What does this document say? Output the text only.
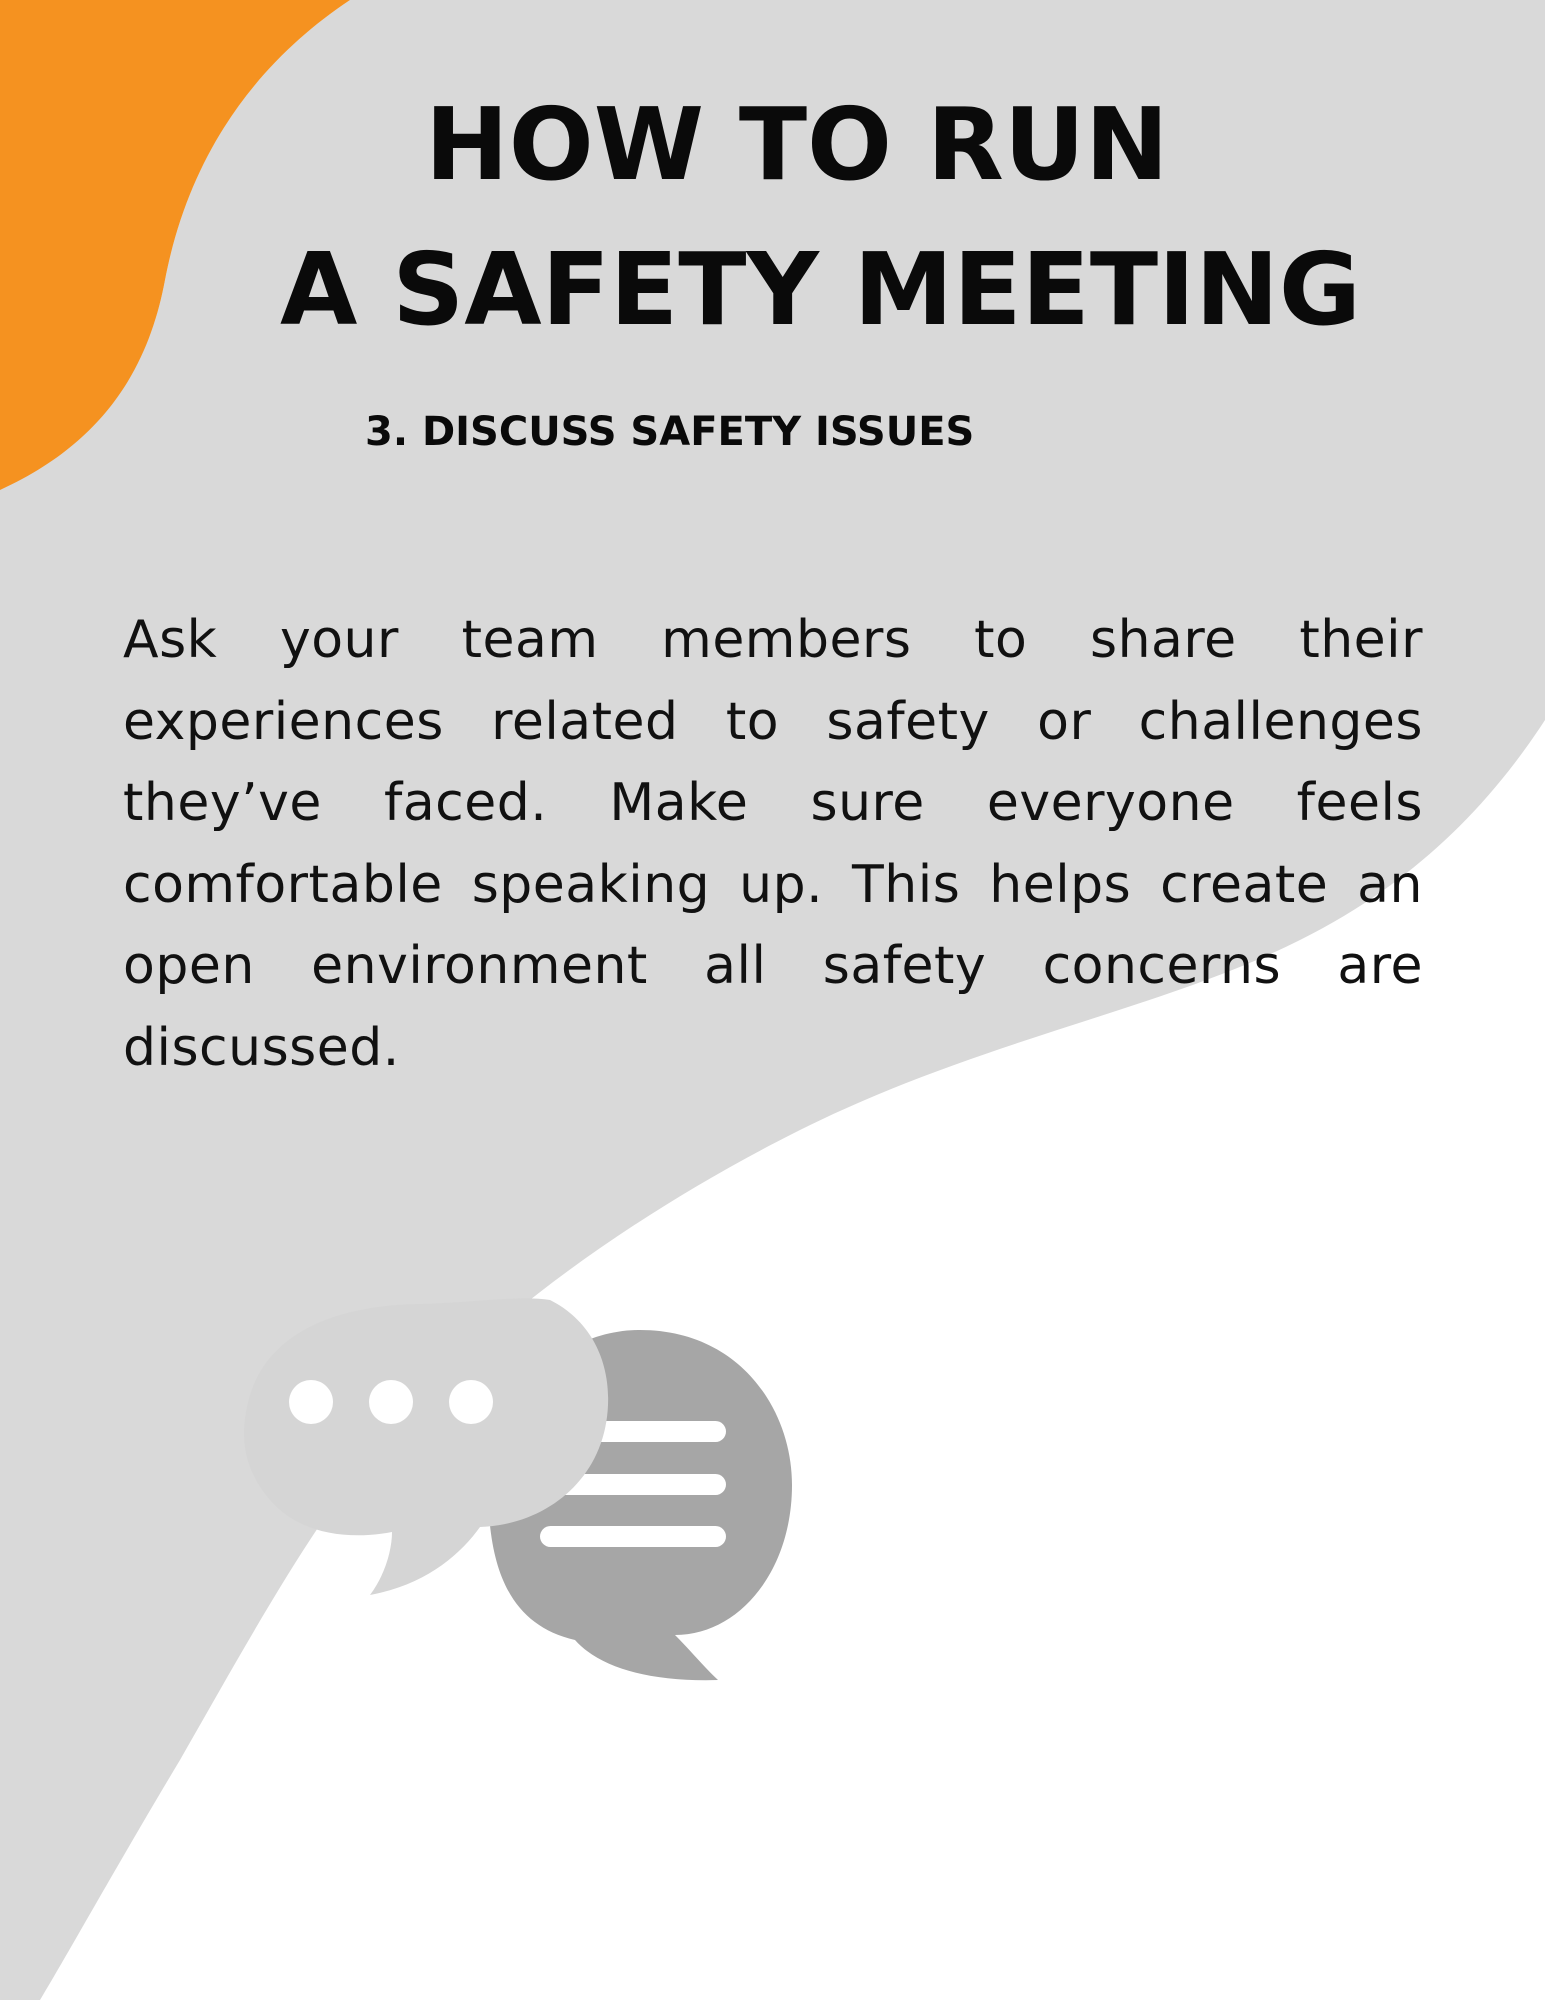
HOW TO RUN
A SAFETY MEETING
3. DISCUSS SAFETY ISSUES

Ask your team members to share their experiences related to safety or challenges they’ve faced. Make sure everyone feels comfortable speaking up. This helps create an open environment all safety concerns are discussed.
